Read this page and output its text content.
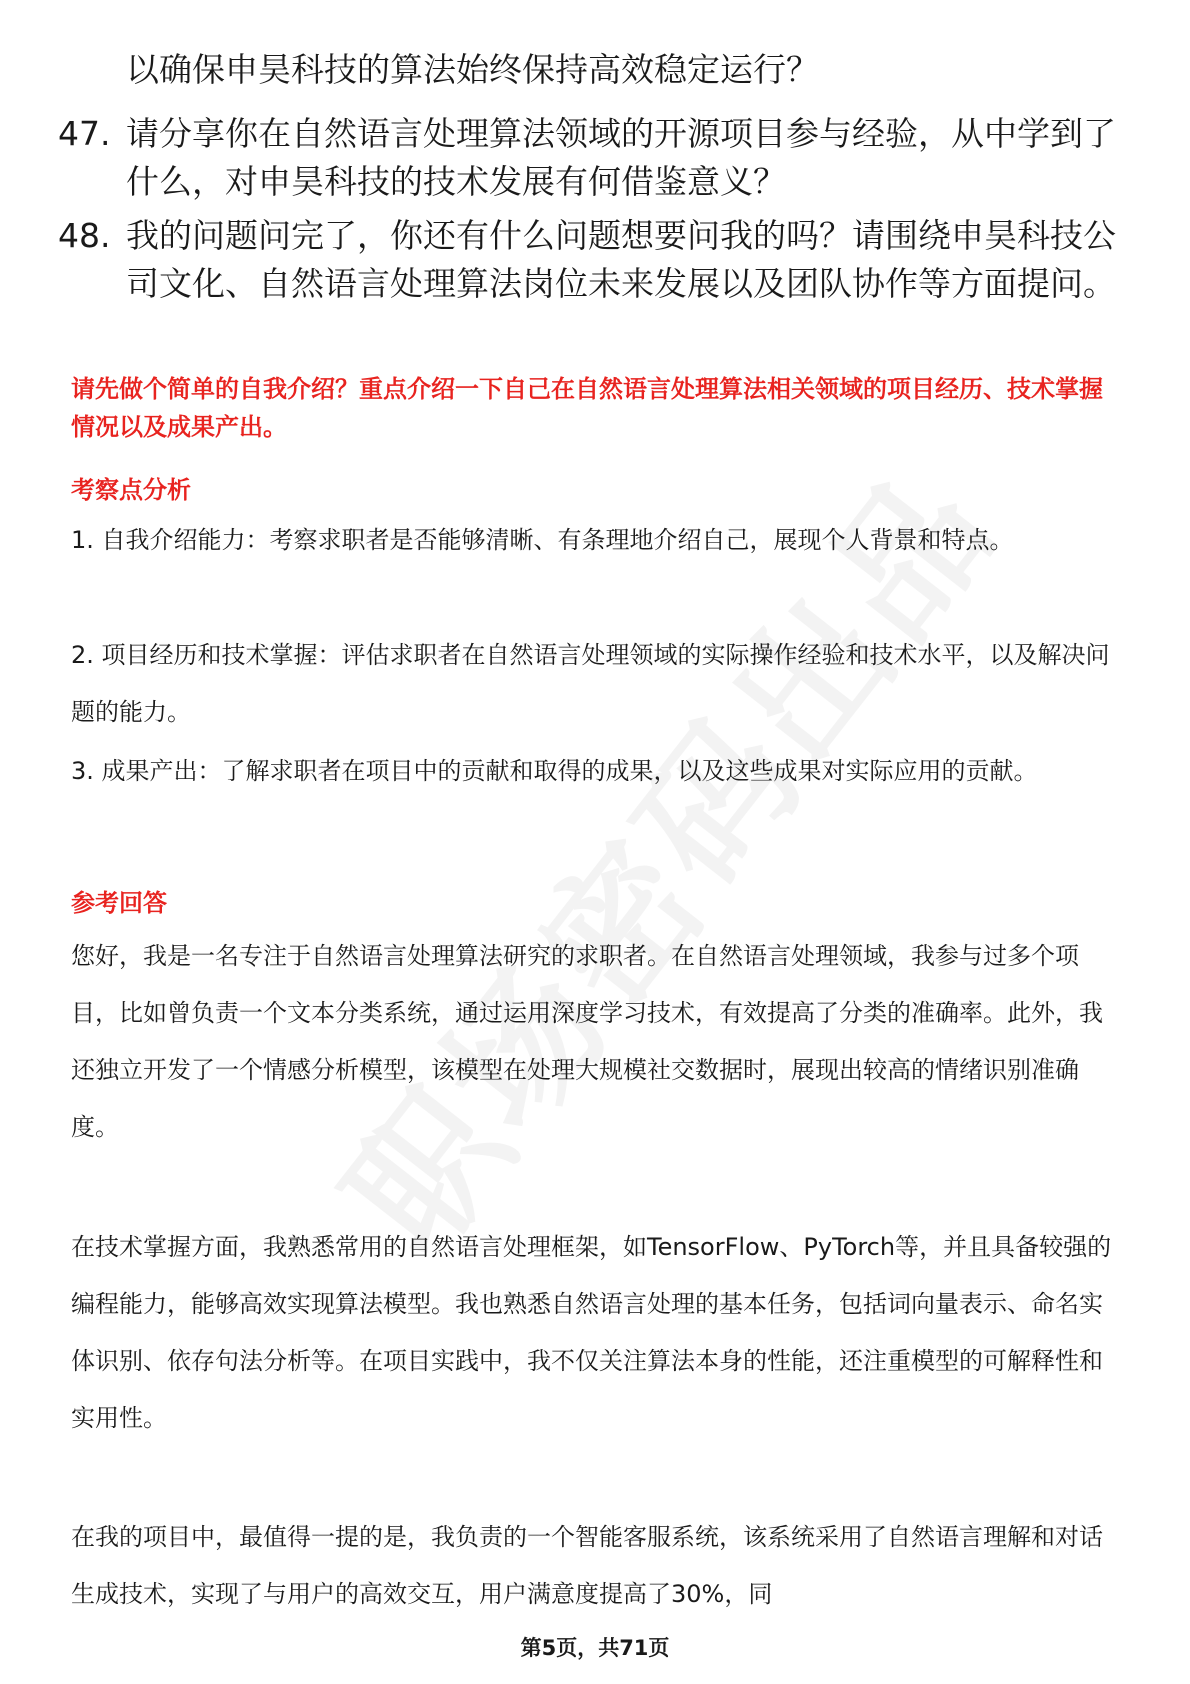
以确保申昊科技的算法始终保持高效稳定运行？
47. 请分享你在自然语言处理算法领域的开源项目参与经验，从中学到了什么，对申昊科技的技术发展有何借鉴意义？
48. 我的问题问完了，你还有什么问题想要问我的吗？请围绕申昊科技公司文化、自然语言处理算法岗位未来发展以及团队协作等方面提问。
请先做个简单的自我介绍？重点介绍一下自己在自然语言处理算法相关领域的项目经历、技术掌握情况以及成果产出。
考察点分析
1. 自我介绍能力：考察求职者是否能够清晰、有条理地介绍自己，展现个人背景和特点。
2. 项目经历和技术掌握：评估求职者在自然语言处理领域的实际操作经验和技术水平，以及解决问题的能力。
3. 成果产出：了解求职者在项目中的贡献和取得的成果，以及这些成果对实际应用的贡献。
参考回答
您好，我是一名专注于自然语言处理算法研究的求职者。在自然语言处理领域，我参与过多个项目，比如曾负责一个文本分类系统，通过运用深度学习技术，有效提高了分类的准确率。此外，我还独立开发了一个情感分析模型，该模型在处理大规模社交数据时，展现出较高的情绪识别准确度。
在技术掌握方面，我熟悉常用的自然语言处理框架，如TensorFlow、PyTorch等，并且具备较强的编程能力，能够高效实现算法模型。我也熟悉自然语言处理的基本任务，包括词向量表示、命名实体识别、依存句法分析等。在项目实践中，我不仅关注算法本身的性能，还注重模型的可解释性和实用性。
在我的项目中，最值得一提的是，我负责的一个智能客服系统，该系统采用了自然语言理解和对话生成技术，实现了与用户的高效交互，用户满意度提高了30%，同
第5页，共71页
